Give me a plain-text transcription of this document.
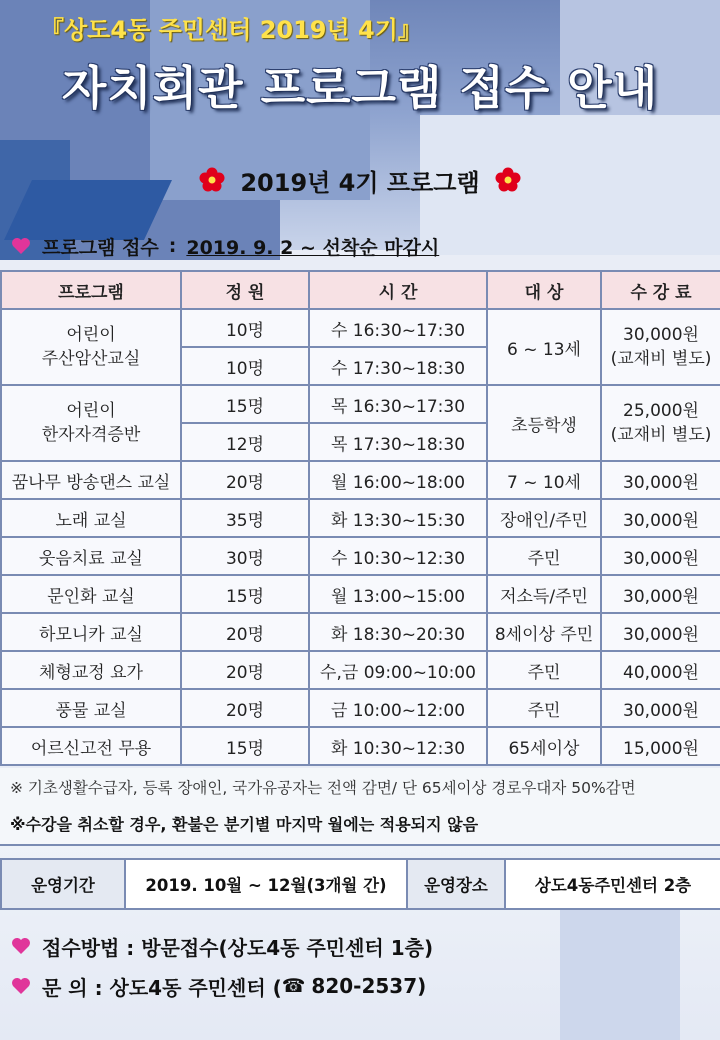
『상도4동 주민센터 2019년 4기』
자치회관 프로그램 접수 안내
2019년 4기 프로그램
프로그램 접수 : 2019. 9. 2 ~ 선착순 마감시
프로그램	정 원	시 간	대 상	수 강 료
어린이
주산암산교실	10명	수 16:30~17:30	6 ~ 13세	30,000원
(교재비 별도)
	10명	수 17:30~18:30		
어린이
한자자격증반	15명	목 16:30~17:30	초등학생	25,000원
(교재비 별도)
	12명	목 17:30~18:30		
꿈나무 방송댄스 교실	20명	월 16:00~18:00	7 ~ 10세	30,000원
노래 교실	35명	화 13:30~15:30	장애인/주민	30,000원
웃음치료 교실	30명	수 10:30~12:30	주민	30,000원
문인화 교실	15명	월 13:00~15:00	저소득/주민	30,000원
하모니카 교실	20명	화 18:30~20:30	8세이상 주민	30,000원
체형교정 요가	20명	수,금 09:00~10:00	주민	40,000원
풍물 교실	20명	금 10:00~12:00	주민	30,000원
어르신고전 무용	15명	화 10:30~12:30	65세이상	15,000원
※ 기초생활수급자, 등록 장애인, 국가유공자는 전액 감면/ 단 65세이상 경로우대자 50%감면
※수강을 취소할 경우, 환불은 분기별 마지막 월에는 적용되지 않음
운영기간	2019. 10월 ~ 12월(3개월 간)	운영장소	상도4동주민센터 2층
접수방법 : 방문접수(상도4동 주민센터 1층)
문 의 : 상도4동 주민센터 ( ☎ 820-2537)
